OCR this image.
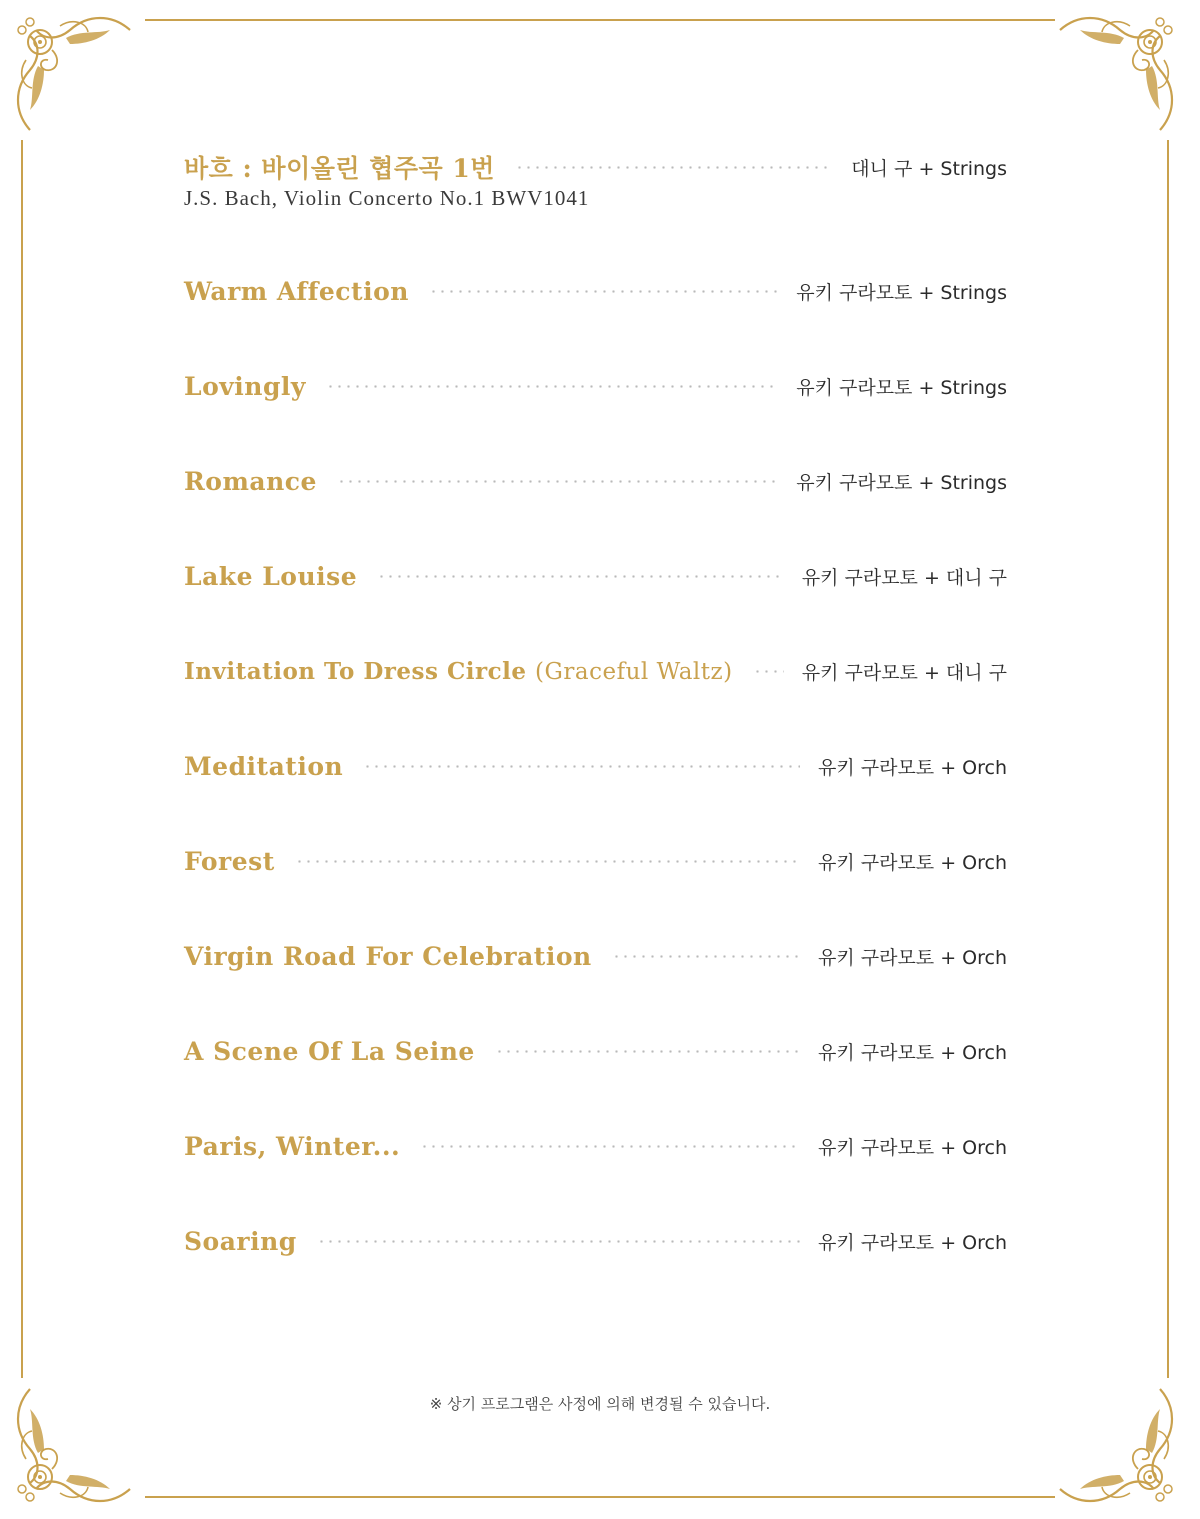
바흐 : 바이올린 협주곡 1번	대니 구 + Strings
J.S. Bach, Violin Concerto No.1 BWV1041
Warm Affection	유키 구라모토 + Strings
Lovingly	유키 구라모토 + Strings
Romance	유키 구라모토 + Strings
Lake Louise	유키 구라모토 + 대니 구
Invitation To Dress Circle (Graceful Waltz)	유키 구라모토 + 대니 구
Meditation	유키 구라모토 + Orch
Forest	유키 구라모토 + Orch
Virgin Road For Celebration	유키 구라모토 + Orch
A Scene Of La Seine	유키 구라모토 + Orch
Paris, Winter...	유키 구라모토 + Orch
Soaring	유키 구라모토 + Orch
※ 상기 프로그램은 사정에 의해 변경될 수 있습니다.
